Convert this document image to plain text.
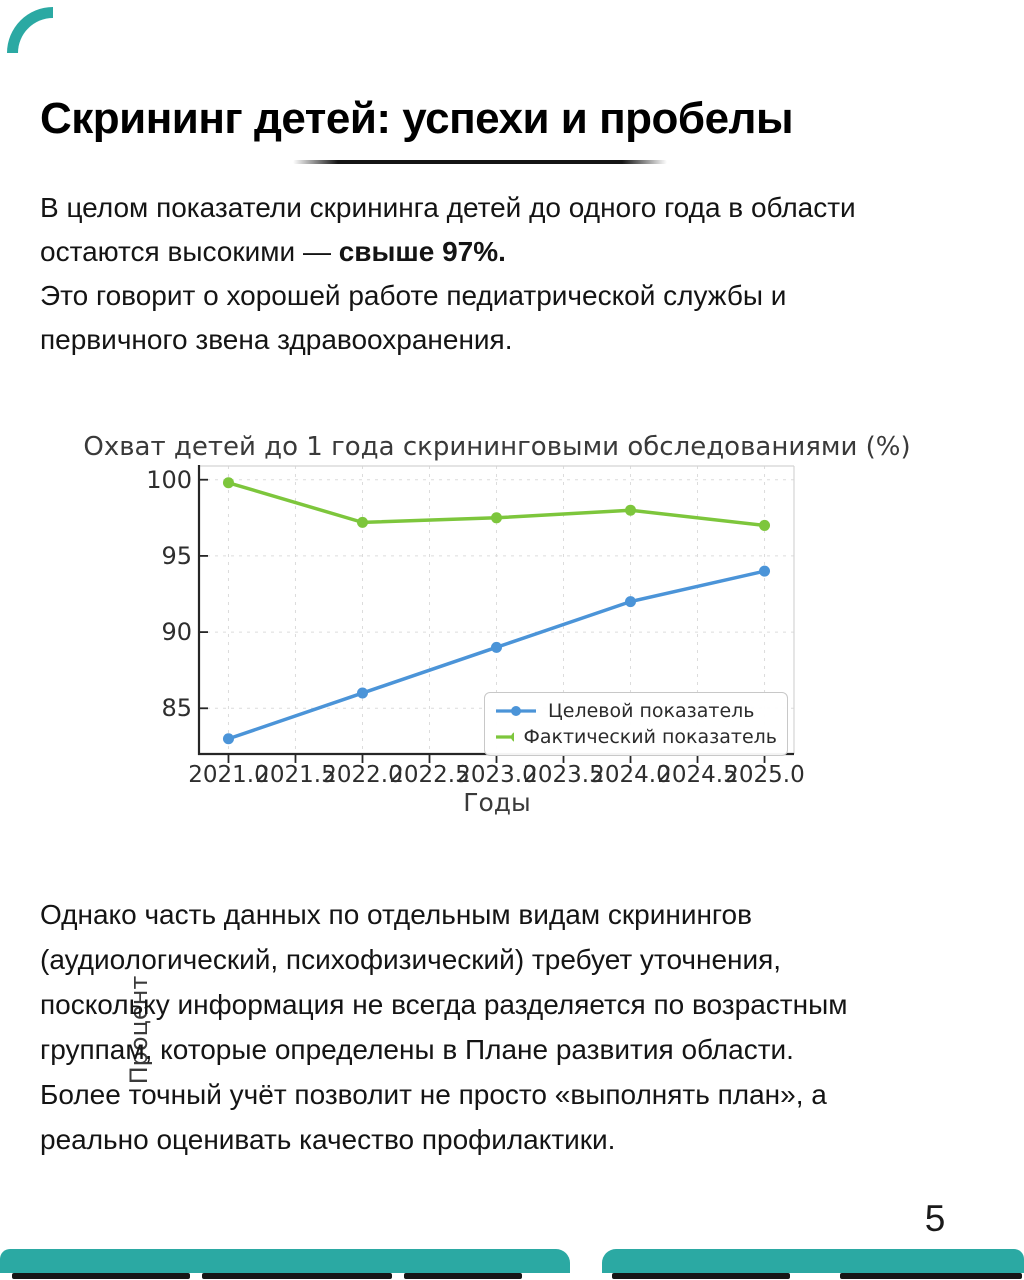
Скрининг детей: успехи и пробелы
В целом показатели скрининга детей до одного года в области
остаются высокими — свыше 97%.
Это говорит о хорошей работе педиатрической службы и
первичного звена здравоохранения.
Охват детей до 1 года скрининговыми обследованиями (%)
Процент
Годы
85
90
95
100
2021.0
2021.5
2022.0
2022.5
2023.0
2023.5
2024.0
2024.5
2025.0
Целевой показатель
Фактический показатель
Однако часть данных по отдельным видам скринингов
(аудиологический, психофизический) требует уточнения,
поскольку информация не всегда разделяется по возрастным
группам, которые определены в Плане развития области.
Более точный учёт позволит не просто «выполнять план», а
реально оценивать качество профилактики.
5
